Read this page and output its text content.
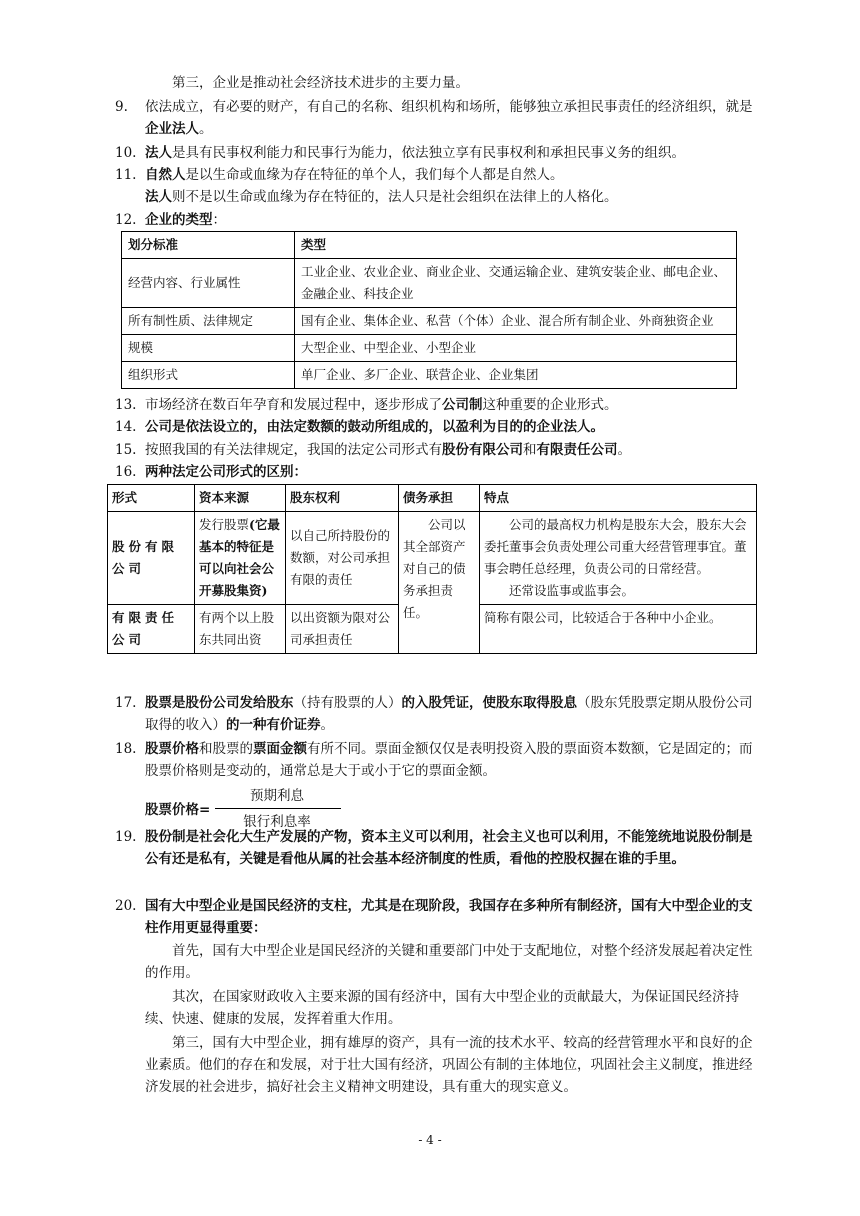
第三，企业是推动社会经济技术进步的主要力量。
9. 依法成立，有必要的财产，有自己的名称、组织机构和场所，能够独立承担民事责任的经济组织，就是企业法人。
10. 法人是具有民事权利能力和民事行为能力，依法独立享有民事权利和承担民事义务的组织。
11. 自然人是以生命或血缘为存在特征的单个人，我们每个人都是自然人。
法人则不是以生命或血缘为存在特征的，法人只是社会组织在法律上的人格化。
12. 企业的类型：
划分标准	类型
经营内容、行业属性	工业企业、农业企业、商业企业、交通运输企业、建筑安装企业、邮电企业、金融企业、科技企业
所有制性质、法律规定	国有企业、集体企业、私营（个体）企业、混合所有制企业、外商独资企业
规模	大型企业、中型企业、小型企业
组织形式	单厂企业、多厂企业、联营企业、企业集团
13. 市场经济在数百年孕育和发展过程中，逐步形成了公司制这种重要的企业形式。
14. 公司是依法设立的，由法定数额的鼓动所组成的，以盈利为目的的企业法人。
15. 按照我国的有关法律规定，我国的法定公司形式有股份有限公司和有限责任公司。
16. 两种法定公司形式的区别：
形式	资本来源	股东权利	债务承担	特点
股份有限公司	发行股票(它最基本的特征是可以向社会公开募股集资)	以自己所持股份的数额，对公司承担有限的责任	公司以其全部资产对自己的债务承担责任。	公司的最高权力机构是股东大会，股东大会委托董事会负责处理公司重大经营管理事宜。董事会聘任总经理，负责公司的日常经营。
还常设监事或监事会。

有限责任公司	有两个以上股东共同出资	以出资额为限对公司承担责任		简称有限公司，比较适合于各种中小企业。
17. 股票是股份公司发给股东（持有股票的人）的入股凭证，使股东取得股息（股东凭股票定期从股份公司取得的收入）的一种有价证券。
18. 股票价格和股票的票面金额有所不同。票面金额仅仅是表明投资入股的票面资本数额，它是固定的；而股票价格则是变动的，通常总是大于或小于它的票面金额。
股票价格=
预期利息
银行利息率
19. 股份制是社会化大生产发展的产物，资本主义可以利用，社会主义也可以利用，不能笼统地说股份制是公有还是私有，关键是看他从属的社会基本经济制度的性质，看他的控股权握在谁的手里。
20. 国有大中型企业是国民经济的支柱，尤其是在现阶段，我国存在多种所有制经济，国有大中型企业的支柱作用更显得重要：
首先，国有大中型企业是国民经济的关键和重要部门中处于支配地位，对整个经济发展起着决定性的作用。
其次，在国家财政收入主要来源的国有经济中，国有大中型企业的贡献最大，为保证国民经济持续、快速、健康的发展，发挥着重大作用。
第三，国有大中型企业，拥有雄厚的资产，具有一流的技术水平、较高的经营管理水平和良好的企业素质。他们的存在和发展，对于壮大国有经济，巩固公有制的主体地位，巩固社会主义制度，推进经济发展的社会进步，搞好社会主义精神文明建设，具有重大的现实意义。
- 4 -
